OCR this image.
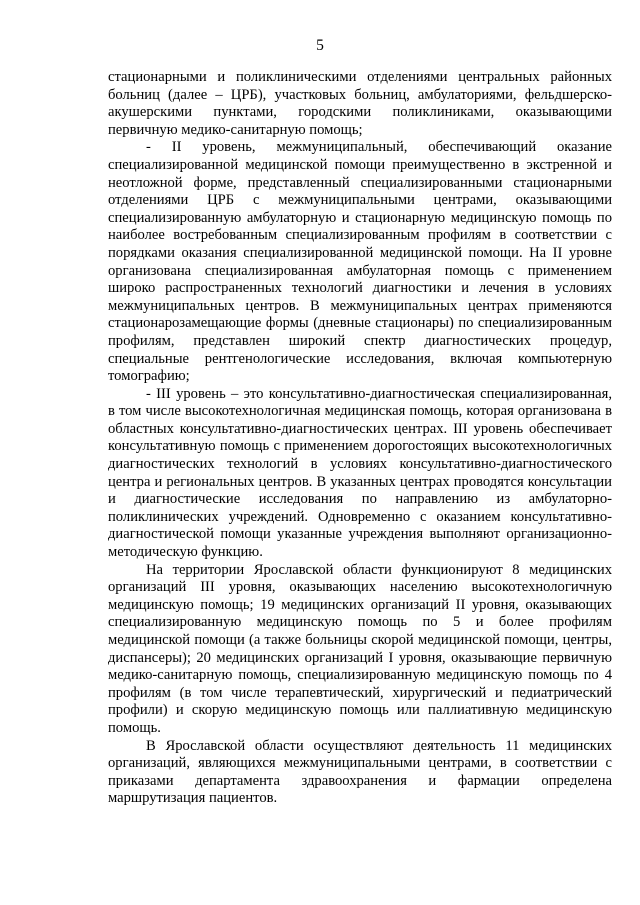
5

стационарными и поликлиническими отделениями центральных районных больниц (далее – ЦРБ), участковых больниц, амбулаториями, фельдшерско-акушерскими пунктами, городскими поликлиниками, оказывающими первичную медико-санитарную помощь;

- II уровень, межмуниципальный, обеспечивающий оказание специализированной медицинской помощи преимущественно в экстренной и неотложной форме, представленный специализированными стационарными отделениями ЦРБ с межмуниципальными центрами, оказывающими специализированную амбулаторную и стационарную медицинскую помощь по наиболее востребованным специализированным профилям в соответствии с порядками оказания специализированной медицинской помощи. На II уровне организована специализированная амбулаторная помощь с применением широко распространенных технологий диагностики и лечения в условиях межмуниципальных центров. В межмуниципальных центрах применяются стационарозамещающие формы (дневные стационары) по специализированным профилям, представлен широкий спектр диагностических процедур, специальные рентгенологические исследования, включая компьютерную томографию;

- III уровень – это консультативно-диагностическая специализированная, в том числе высокотехнологичная медицинская помощь, которая организована в областных консультативно-диагностических центрах. III уровень обеспечивает консультативную помощь с применением дорогостоящих высокотехнологичных диагностических технологий в условиях консультативно-диагностического центра и региональных центров. В указанных центрах проводятся консультации и диагностические исследования по направлению из амбулаторно-поликлинических учреждений. Одновременно с оказанием консультативно-диагностической помощи указанные учреждения выполняют организационно-методическую функцию.

На территории Ярославской области функционируют 8 медицинских организаций III уровня, оказывающих населению высокотехнологичную медицинскую помощь; 19 медицинских организаций II уровня, оказывающих специализированную медицинскую помощь по 5 и более профилям медицинской помощи (а также больницы скорой медицинской помощи, центры, диспансеры); 20 медицинских организаций I уровня, оказывающие первичную медико-санитарную помощь, специализированную медицинскую помощь по 4 профилям (в том числе терапевтический, хирургический и педиатрический профили) и скорую медицинскую помощь или паллиативную медицинскую помощь.

В Ярославской области осуществляют деятельность 11 медицинских организаций, являющихся межмуниципальными центрами, в соответствии с приказами департамента здравоохранения и фармации определена маршрутизация пациентов.
